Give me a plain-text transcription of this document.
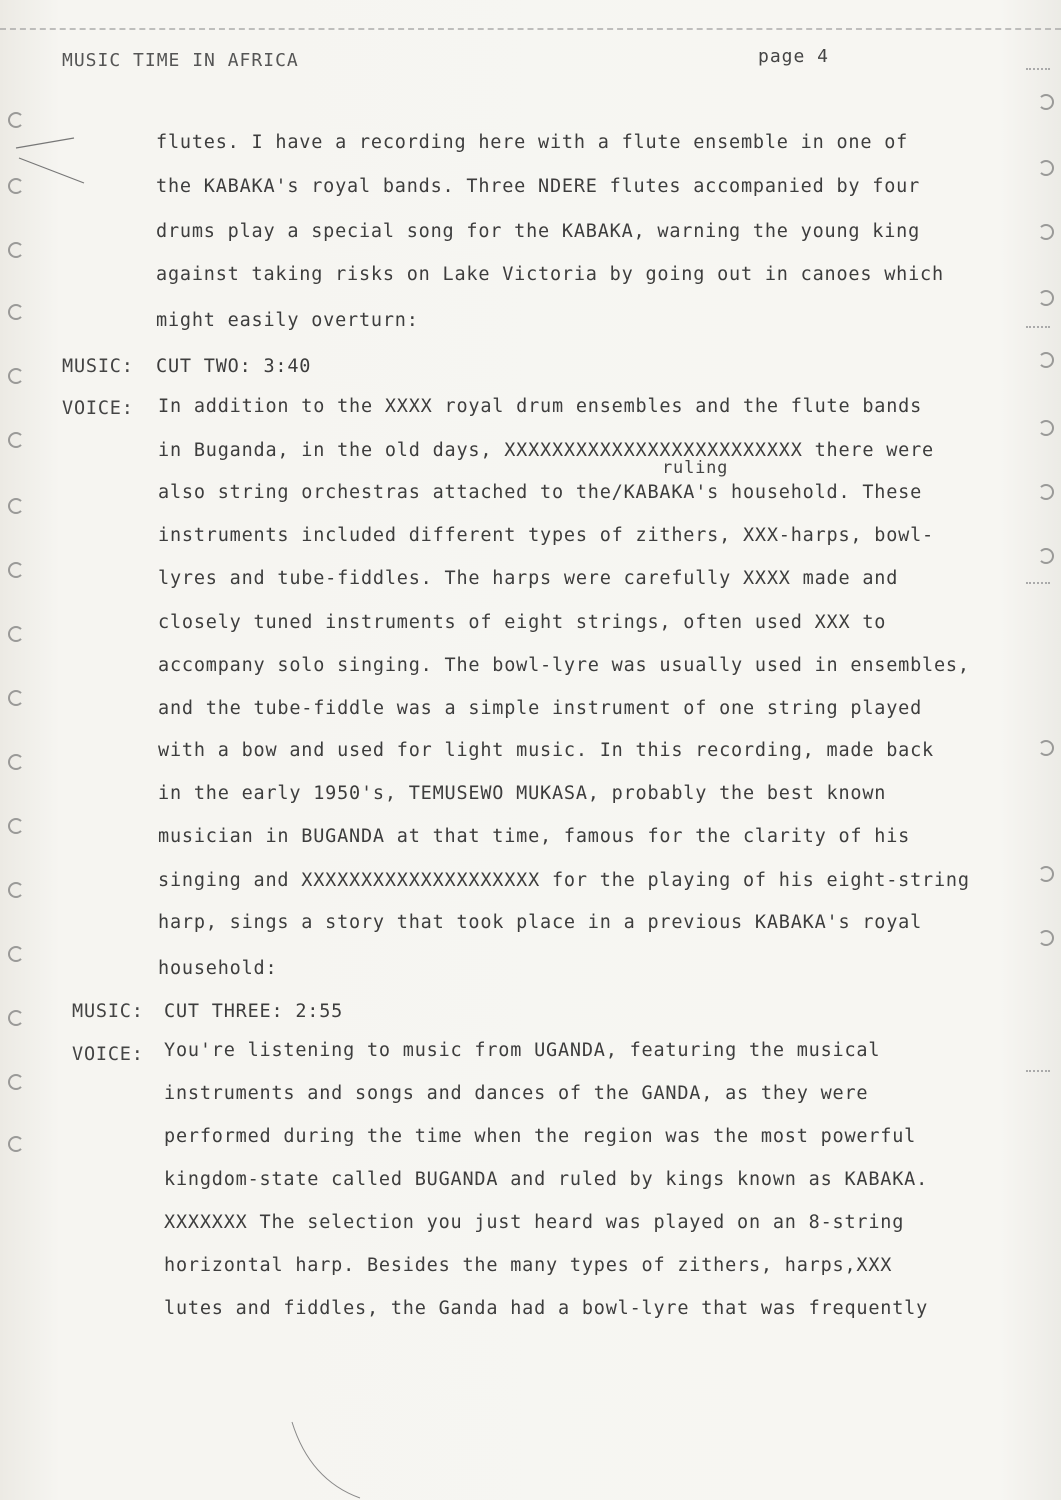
MUSIC TIME IN AFRICA	page 4
flutes. I have a recording here with a flute ensemble in one of
the KABAKA's royal bands. Three NDERE flutes accompanied by four
drums play a special song for the KABAKA, warning the young king
against taking risks on Lake Victoria by going out in canoes which
might easily overturn:
MUSIC: CUT TWO: 3:40
VOICE: In addition to the XXXX royal drum ensembles and the flute bands
in Buganda, in the old days, XXXXXXXXXXXXXXXXXXXXXXXXX there were
ruling
also string orchestras attached to the/KABAKA's household. These
instruments included different types of zithers, XXX-harps, bowl-
lyres and tube-fiddles. The harps were carefully XXXX made and
closely tuned instruments of eight strings, often used XXX to
accompany solo singing. The bowl-lyre was usually used in ensembles,
and the tube-fiddle was a simple instrument of one string played
with a bow and used for light music. In this recording, made back
in the early 1950's, TEMUSEWO MUKASA, probably the best known
musician in BUGANDA at that time, famous for the clarity of his
singing and XXXXXXXXXXXXXXXXXXXX for the playing of his eight-string
harp, sings a story that took place in a previous KABAKA's royal
household:
MUSIC: CUT THREE: 2:55
VOICE: You're listening to music from UGANDA, featuring the musical
instruments and songs and dances of the GANDA, as they were
performed during the time when the region was the most powerful
kingdom-state called BUGANDA and ruled by kings known as KABAKA.
XXXXXXX The selection you just heard was played on an 8-string
horizontal harp. Besides the many types of zithers, harps,XXX
lutes and fiddles, the Ganda had a bowl-lyre that was frequently
